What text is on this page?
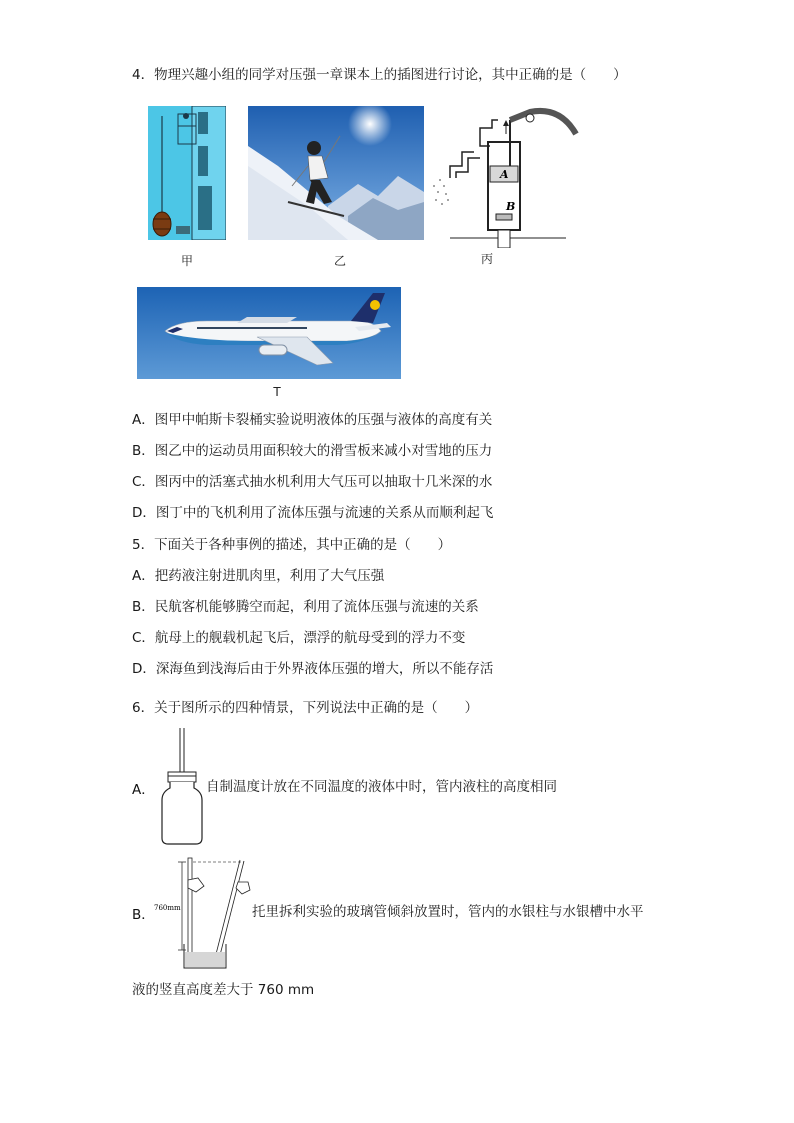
4．物理兴趣小组的同学对压强一章课本上的插图进行讨论，其中正确的是（　　）
甲	乙
A
B
丙
T
A．图甲中帕斯卡裂桶实验说明液体的压强与液体的高度有关
B．图乙中的运动员用面积较大的滑雪板来减小对雪地的压力
C．图丙中的活塞式抽水机利用大气压可以抽取十几米深的水
D．图丁中的飞机利用了流体压强与流速的关系从而顺利起飞
5．下面关于各种事例的描述，其中正确的是（　　）
A．把药液注射进肌肉里，利用了大气压强
B．民航客机能够腾空而起，利用了流体压强与流速的关系
C．航母上的舰载机起飞后，漂浮的航母受到的浮力不变
D．深海鱼到浅海后由于外界液体压强的增大，所以不能存活
6．关于图所示的四种情景，下列说法中正确的是（　　）
A．	自制温度计放在不同温度的液体中时，管内液柱的高度相同
B． 760mm	托里拆利实验的玻璃管倾斜放置时，管内的水银柱与水银槽中水平
液的竖直高度差大于 760 mm
